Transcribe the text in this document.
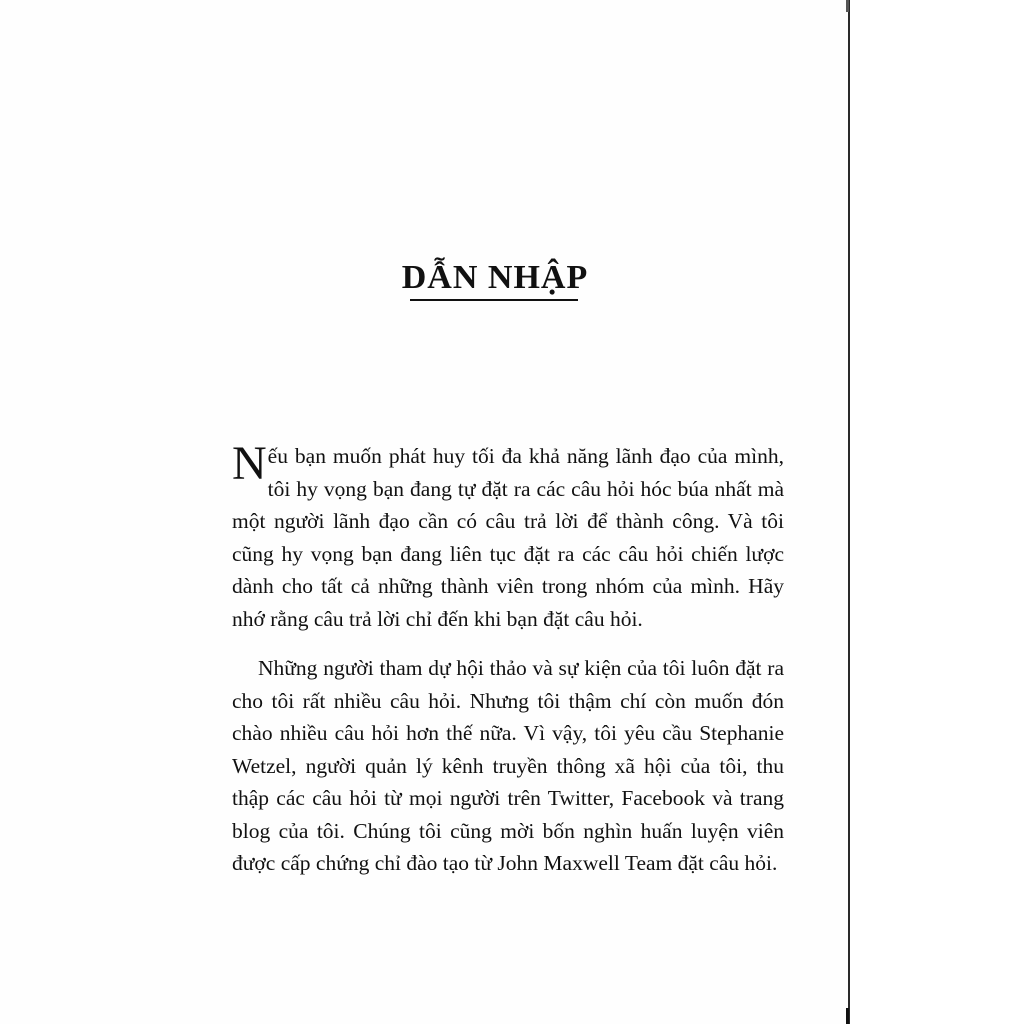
DẪN NHẬP

Nếu bạn muốn phát huy tối đa khả năng lãnh đạo của mình, tôi hy vọng bạn đang tự đặt ra các câu hỏi hóc búa nhất mà một người lãnh đạo cần có câu trả lời để thành công. Và tôi cũng hy vọng bạn đang liên tục đặt ra các câu hỏi chiến lược dành cho tất cả những thành viên trong nhóm của mình. Hãy nhớ rằng câu trả lời chỉ đến khi bạn đặt câu hỏi.

Những người tham dự hội thảo và sự kiện của tôi luôn đặt ra cho tôi rất nhiều câu hỏi. Nhưng tôi thậm chí còn muốn đón chào nhiều câu hỏi hơn thế nữa. Vì vậy, tôi yêu cầu Stephanie Wetzel, người quản lý kênh truyền thông xã hội của tôi, thu thập các câu hỏi từ mọi người trên Twitter, Facebook và trang blog của tôi. Chúng tôi cũng mời bốn nghìn huấn luyện viên được cấp chứng chỉ đào tạo từ John Maxwell Team đặt câu hỏi.
